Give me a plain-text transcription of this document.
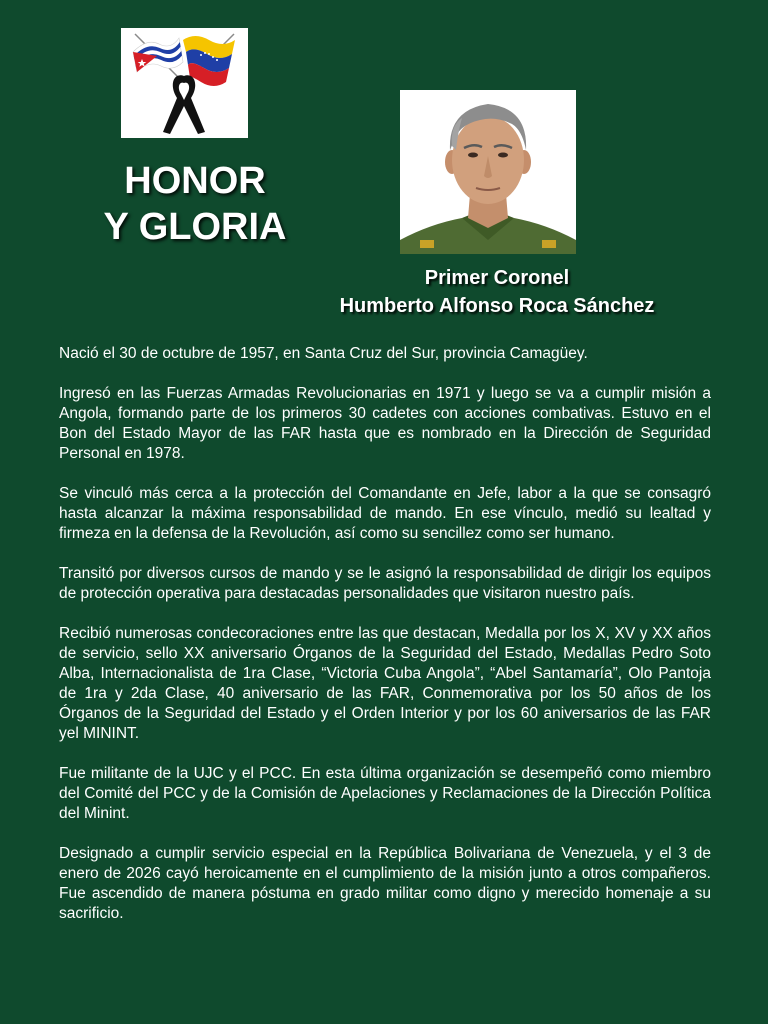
HONOR
Y GLORIA
Primer Coronel
Humberto Alfonso Roca Sánchez

Nació el 30 de octubre de 1957, en Santa Cruz del Sur, provincia Camagüey.

Ingresó en las Fuerzas Armadas Revolucionarias en 1971 y luego se va a cumplir misión a Angola, formando parte de los primeros 30 cadetes con acciones combativas. Estuvo en el Bon del Estado Mayor de las FAR hasta que es nombrado en la Dirección de Seguridad Personal en 1978.

Se vinculó más cerca a la protección del Comandante en Jefe, labor a la que se consagró hasta alcanzar la máxima responsabilidad de mando. En ese vínculo, medió su lealtad y firmeza en la defensa de la Revolución, así como su sencillez como ser humano.

Transitó por diversos cursos de mando y se le asignó la responsabilidad de dirigir los equipos de protección operativa para destacadas personalidades que visitaron nuestro país.

Recibió numerosas condecoraciones entre las que destacan, Medalla por los X, XV y XX años de servicio, sello XX aniversario Órganos de la Seguridad del Estado, Medallas Pedro Soto Alba, Internacionalista de 1ra Clase, “Victoria Cuba Angola”, “Abel Santamaría”, Olo Pantoja de 1ra y 2da Clase, 40 aniversario de las FAR, Conmemorativa por los 50 años de los Órganos de la Seguridad del Estado y el Orden Interior y por los 60 aniversarios de las FAR yel MININT.

Fue militante de la UJC y el PCC. En esta última organización se desempeñó como miembro del Comité del PCC y de la Comisión de Apelaciones y Reclamaciones de la Dirección Política del Minint.

Designado a cumplir servicio especial en la República Bolivariana de Venezuela, y el 3 de enero de 2026 cayó heroicamente en el cumplimiento de la misión junto a otros compañeros. Fue ascendido de manera póstuma en grado militar como digno y merecido homenaje a su sacrificio.
